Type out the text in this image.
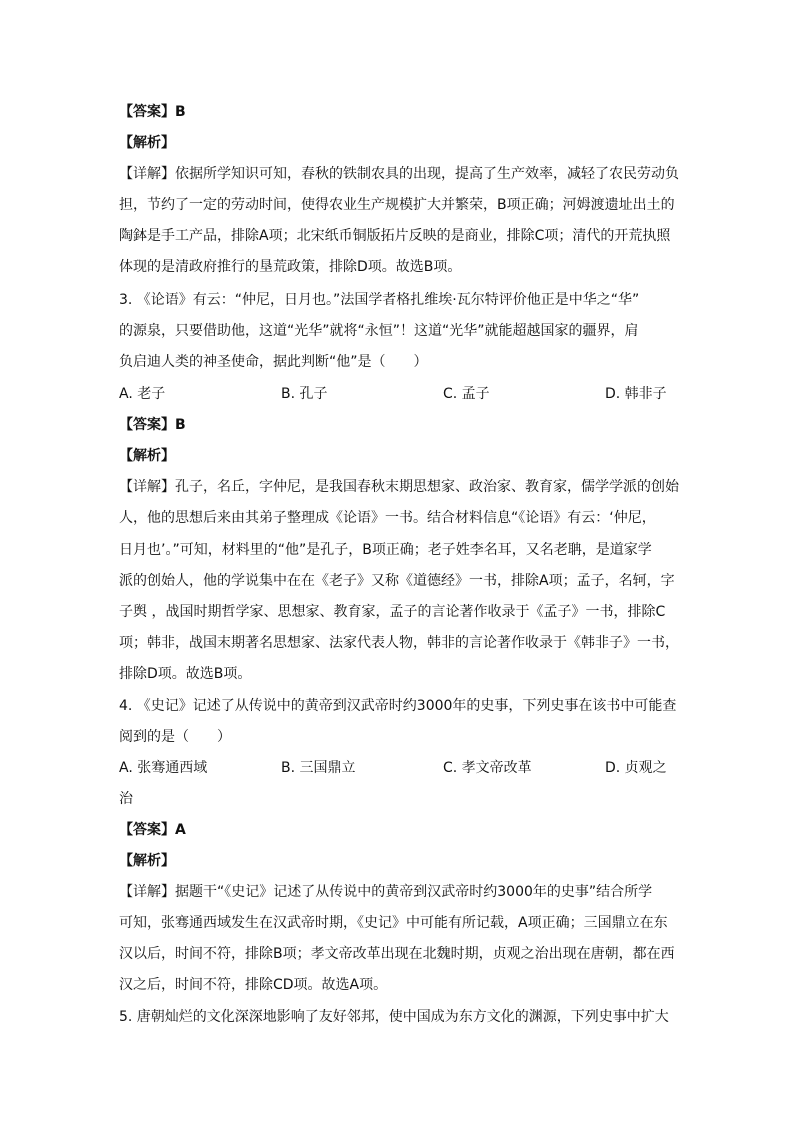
【答案】B
【解析】
【详解】依据所学知识可知，春秋的铁制农具的出现，提高了生产效率，减轻了农民劳动负
担，节约了一定的劳动时间，使得农业生产规模扩大并繁荣，B项正确；河姆渡遗址出土的
陶鉢是手工产品，排除A项；北宋纸币铜版拓片反映的是商业，排除C项；清代的开荒执照
体现的是清政府推行的垦荒政策，排除D项。故选B项。
3. 《论语》有云：“仲尼，日月也。”法国学者格扎维埃·瓦尔特评价他正是中华之“华”
的源泉，只要借助他，这道“光华”就将“永恒”！这道“光华”就能超越国家的疆界，肩
负启迪人类的神圣使命，据此判断“他”是（　　）
A. 老子	B. 孔子	C. 孟子	D. 韩非子
【答案】B
【解析】
【详解】孔子，名丘，字仲尼，是我国春秋末期思想家、政治家、教育家，儒学学派的创始
人，他的思想后来由其弟子整理成《论语》一书。结合材料信息“《论语》有云：‘仲尼，
日月也’。”可知，材料里的“他”是孔子，B项正确；老子姓李名耳，又名老聃，是道家学
派的创始人，他的学说集中在在《老子》又称《道德经》一书，排除A项；孟子，名轲，字
子舆 ，战国时期哲学家、思想家、教育家，孟子的言论著作收录于《孟子》一书，排除C
项；韩非，战国末期著名思想家、法家代表人物，韩非的言论著作收录于《韩非子》一书，
排除D项。故选B项。
4. 《史记》记述了从传说中的黄帝到汉武帝时约3000年的史事，下列史事在该书中可能查
阅到的是（　　）
A. 张骞通西域	B. 三国鼎立	C. 孝文帝改革	D. 贞观之
治
【答案】A
【解析】
【详解】据题干“《史记》记述了从传说中的黄帝到汉武帝时约3000年的史事”结合所学
可知，张骞通西域发生在汉武帝时期，《史记》中可能有所记载，A项正确；三国鼎立在东
汉以后，时间不符，排除B项；孝文帝改革出现在北魏时期，贞观之治出现在唐朝，都在西
汉之后，时间不符，排除CD项。故选A项。
5. 唐朝灿烂的文化深深地影响了友好邻邦，使中国成为东方文化的渊源，下列史事中扩大
